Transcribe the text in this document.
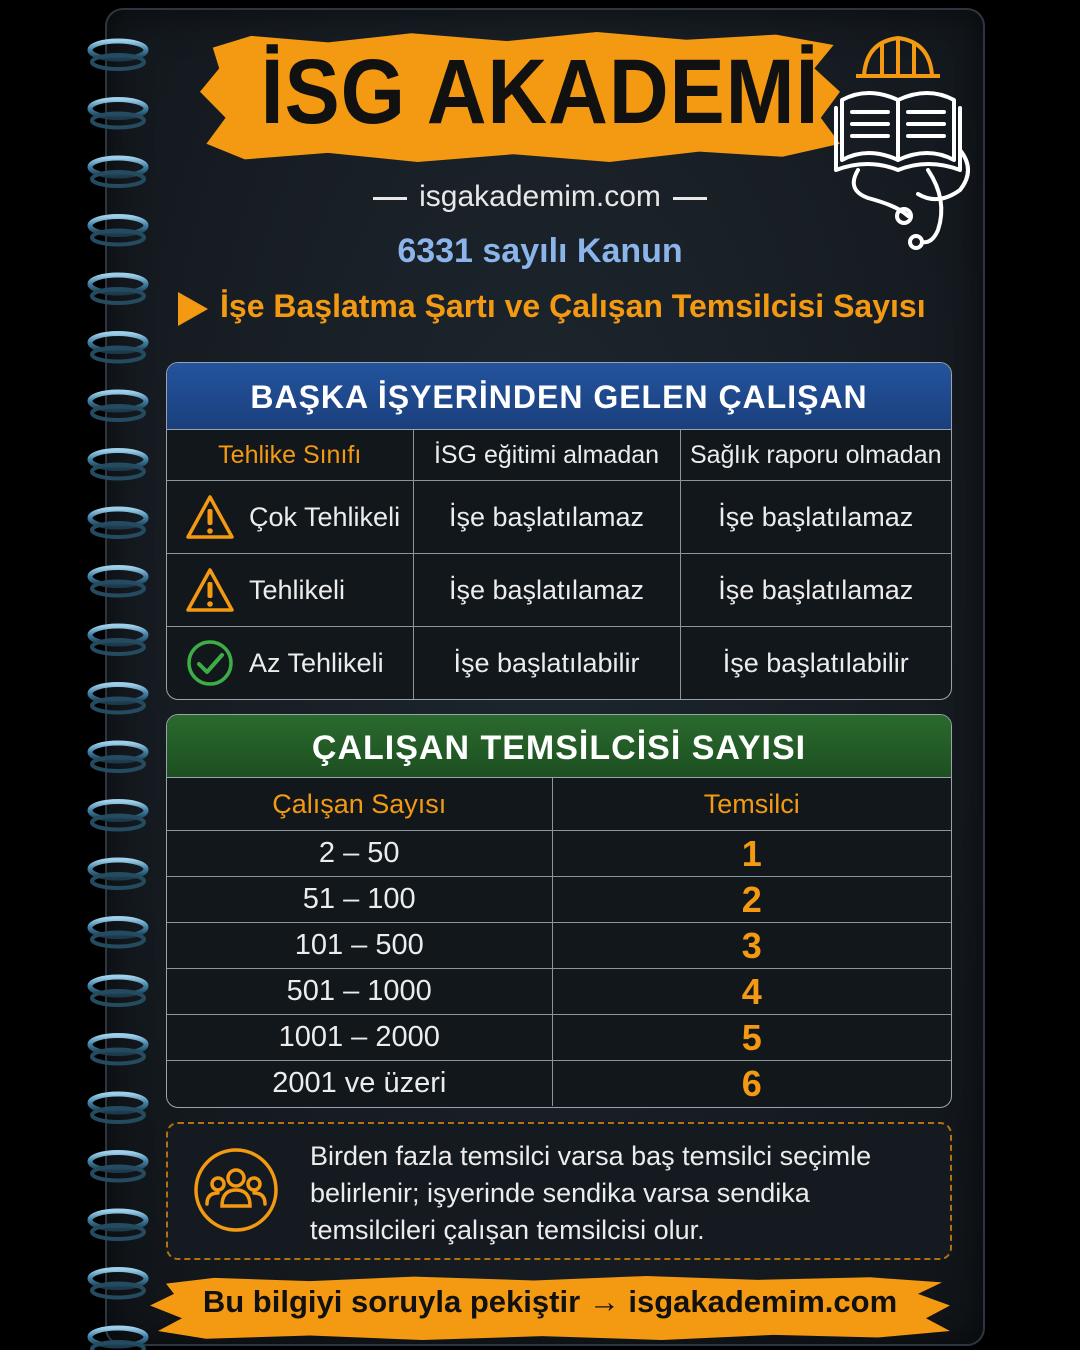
İSG AKADEMİ
isgakademim.com
6331 sayılı Kanun
İşe Başlatma Şartı ve Çalışan Temsilcisi Sayısı
BAŞKA İŞYERİNDEN GELEN ÇALIŞAN
Tehlike Sınıfı	İSG eğitimi almadan	Sağlık raporu olmadan

Çok Tehlikeli	İşe başlatılamaz	İşe başlatılamaz

Tehlikeli	İşe başlatılamaz	İşe başlatılamaz

Az Tehlikeli	İşe başlatılabilir	İşe başlatılabilir
ÇALIŞAN TEMSİLCİSİ SAYISI
Çalışan Sayısı	Temsilci
2 – 50	1
51 – 100	2
101 – 500	3
501 – 1000	4
1001 – 2000	5
2001 ve üzeri	6

Birden fazla temsilci varsa baş temsilci seçimle
belirlenir; işyerinde sendika varsa sendika
temsilcileri çalışan temsilcisi olur.

Bu bilgiyi soruyla pekiştir → isgakademim.com
